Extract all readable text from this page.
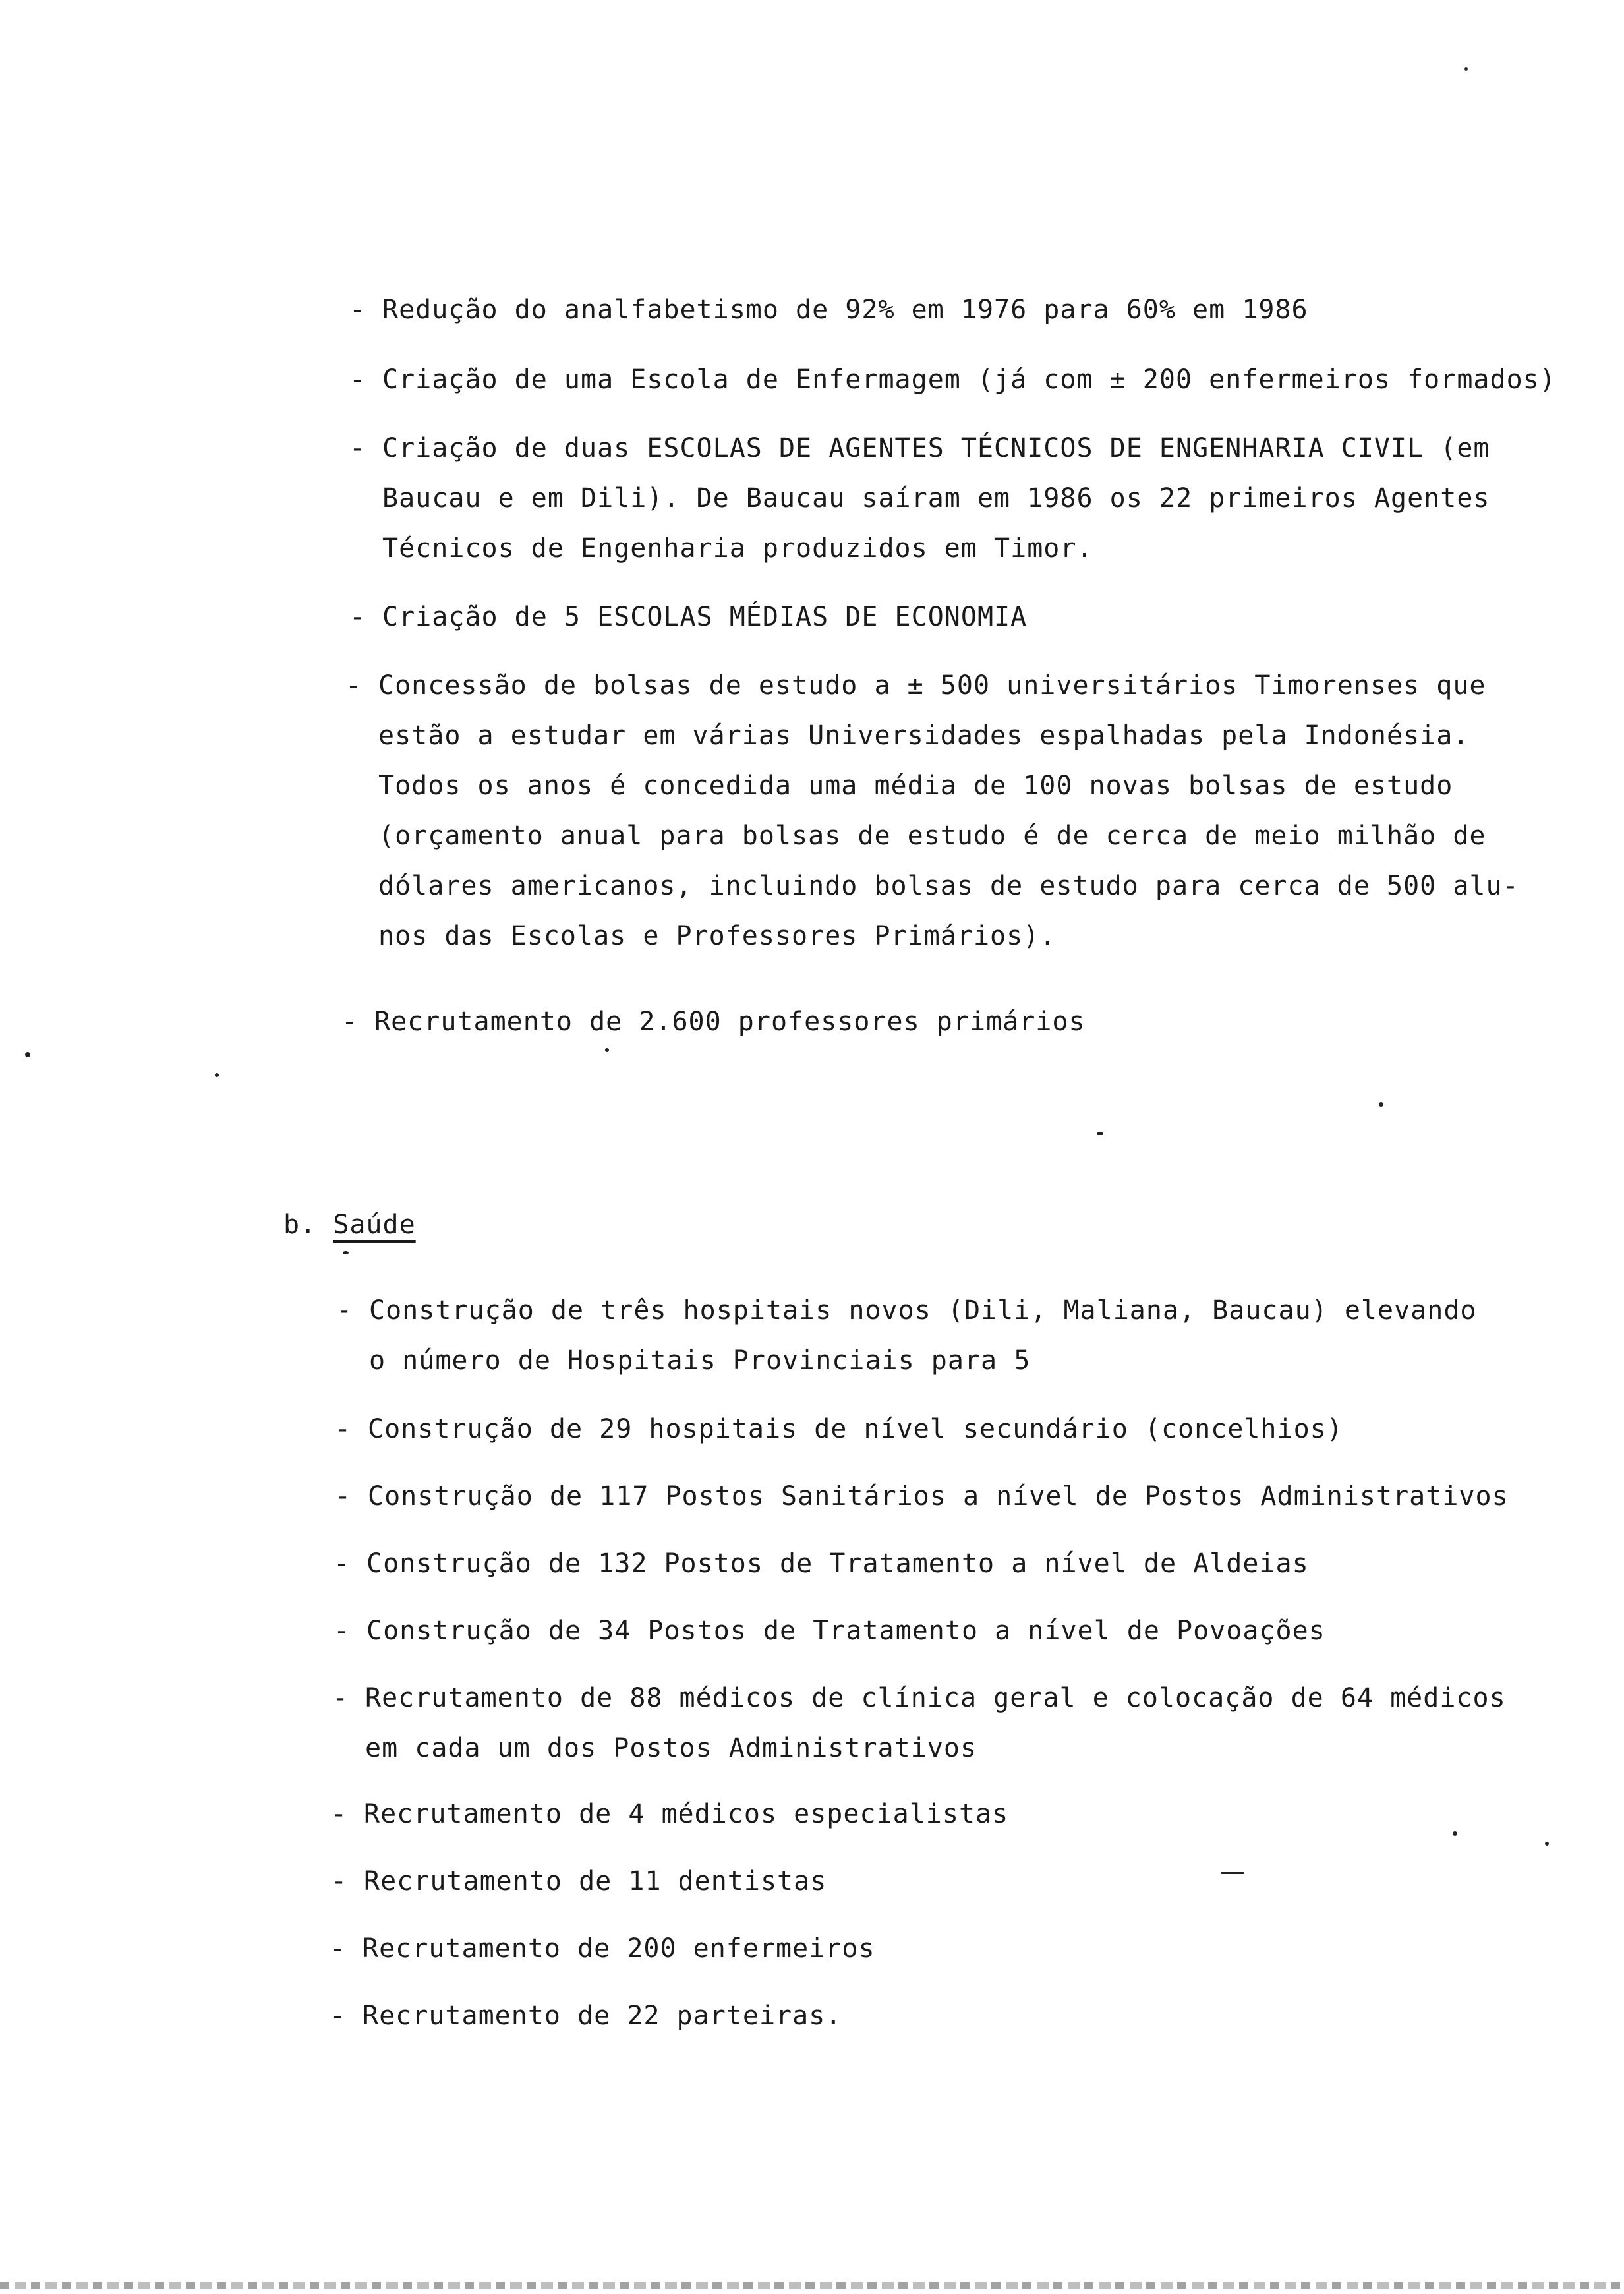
- Redução do analfabetismo de 92% em 1976 para 60% em 1986
- Criação de uma Escola de Enfermagem (já com ± 200 enfermeiros formados)
- Criação de duas ESCOLAS DE AGENTES TÉCNICOS DE ENGENHARIA CIVIL (em
Baucau e em Dili). De Baucau saíram em 1986 os 22 primeiros Agentes
Técnicos de Engenharia produzidos em Timor.
- Criação de 5 ESCOLAS MÉDIAS DE ECONOMIA
- Concessão de bolsas de estudo a ± 500 universitários Timorenses que
estão a estudar em várias Universidades espalhadas pela Indonésia.
Todos os anos é concedida uma média de 100 novas bolsas de estudo
(orçamento anual para bolsas de estudo é de cerca de meio milhão de
dólares americanos, incluindo bolsas de estudo para cerca de 500 alu-
nos das Escolas e Professores Primários).
- Recrutamento de 2.600 professores primários
b. Saúde
- Construção de três hospitais novos (Dili, Maliana, Baucau) elevando
o número de Hospitais Provinciais para 5
- Construção de 29 hospitais de nível secundário (concelhios)
- Construção de 117 Postos Sanitários a nível de Postos Administrativos
- Construção de 132 Postos de Tratamento a nível de Aldeias
- Construção de 34 Postos de Tratamento a nível de Povoações
- Recrutamento de 88 médicos de clínica geral e colocação de 64 médicos
em cada um dos Postos Administrativos
- Recrutamento de 4 médicos especialistas
- Recrutamento de 11 dentistas
- Recrutamento de 200 enfermeiros
- Recrutamento de 22 parteiras.
